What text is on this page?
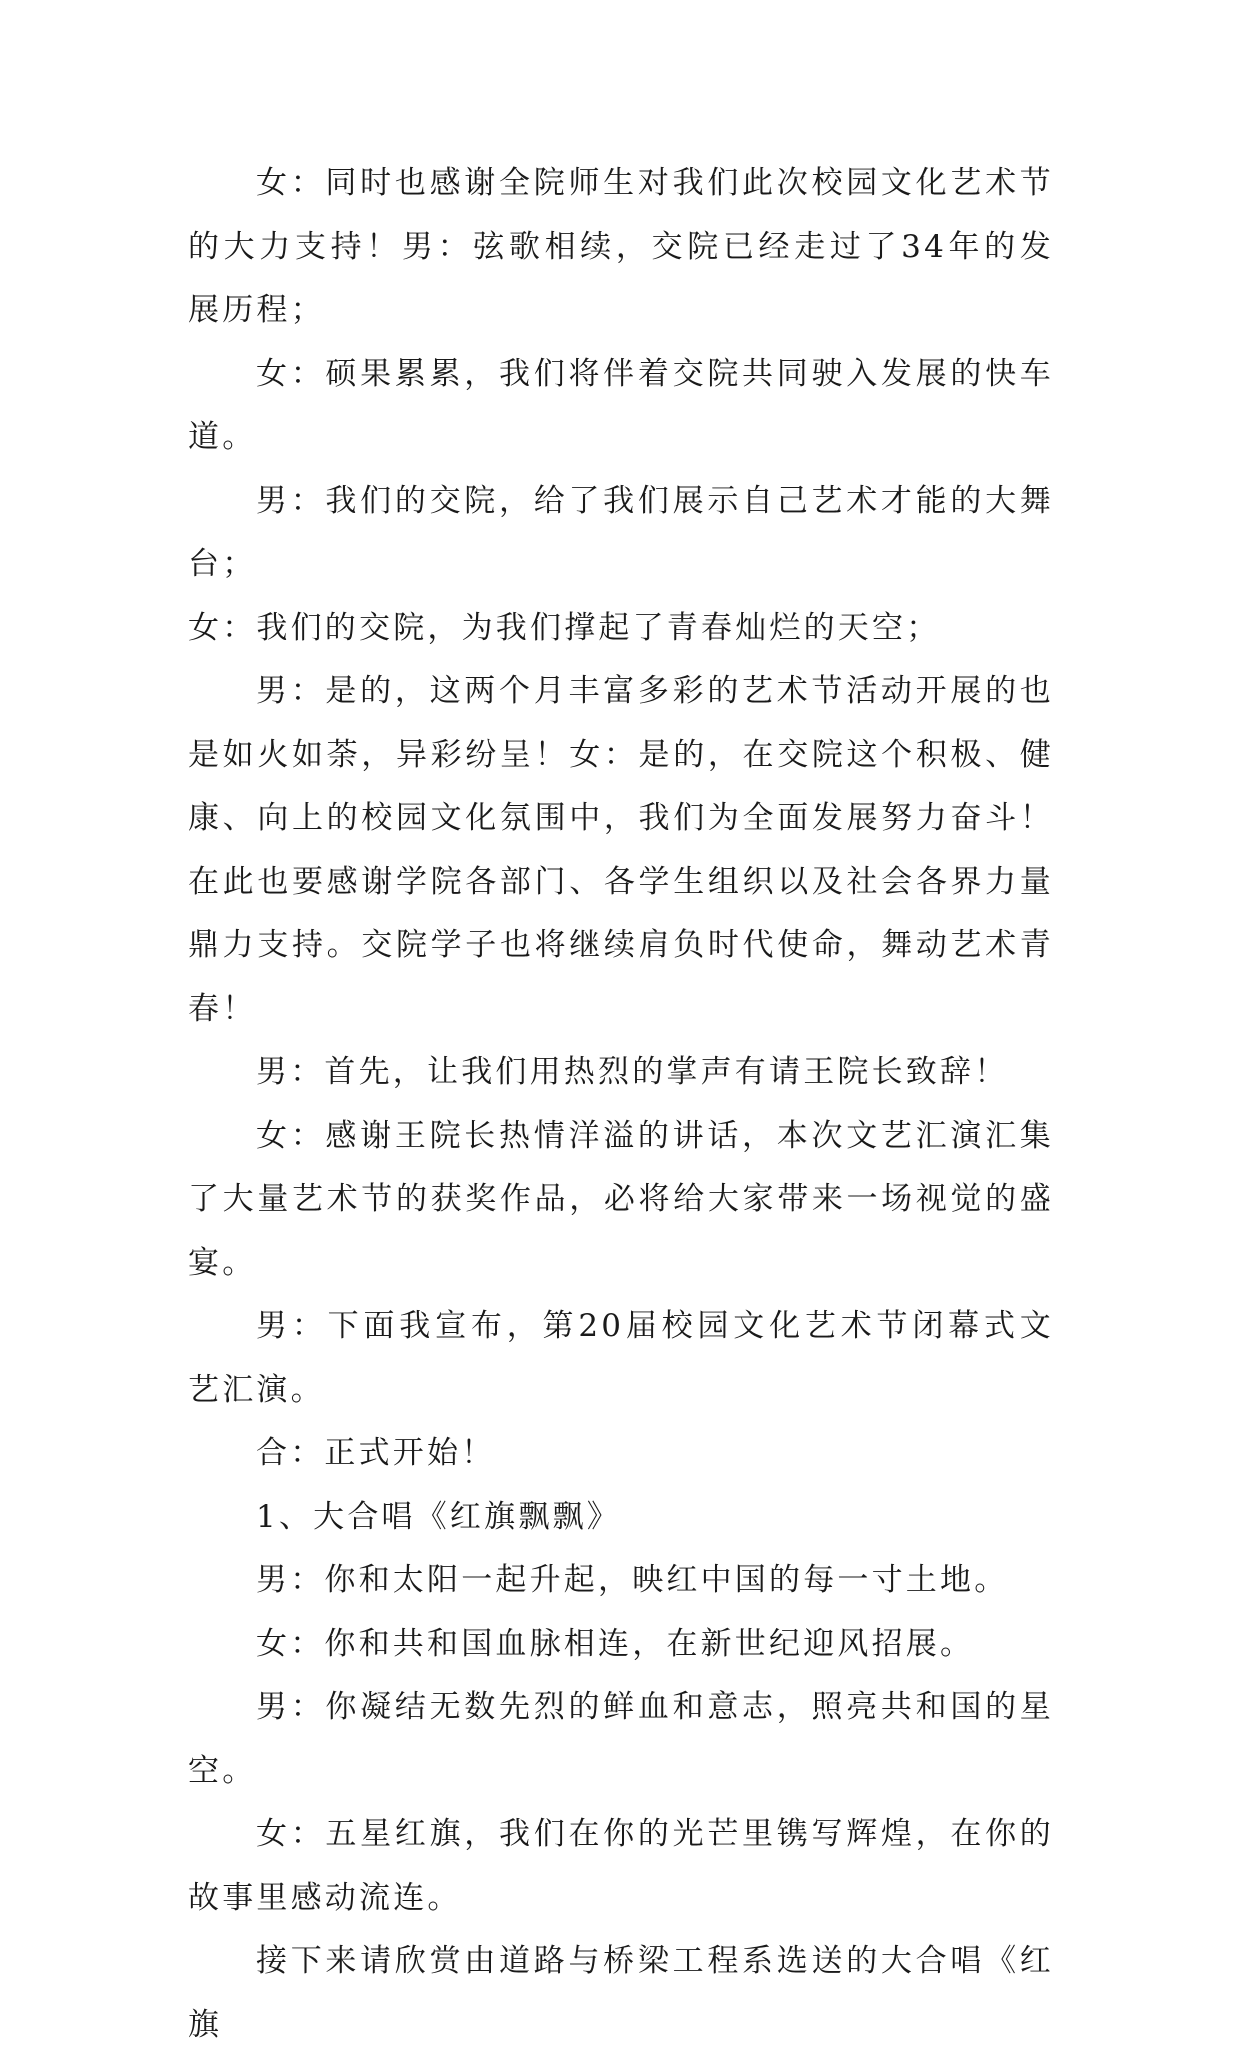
女：同时也感谢全院师生对我们此次校园文化艺术节的大力支持！男：弦歌相续，交院已经走过了34年的发展历程；

女：硕果累累，我们将伴着交院共同驶入发展的快车道。

男：我们的交院，给了我们展示自己艺术才能的大舞台；

女：我们的交院，为我们撑起了青春灿烂的天空；

男：是的，这两个月丰富多彩的艺术节活动开展的也是如火如荼，异彩纷呈！女：是的，在交院这个积极、健康、向上的校园文化氛围中，我们为全面发展努力奋斗！在此也要感谢学院各部门、各学生组织以及社会各界力量鼎力支持。交院学子也将继续肩负时代使命，舞动艺术青春！

男：首先，让我们用热烈的掌声有请王院长致辞！

女：感谢王院长热情洋溢的讲话，本次文艺汇演汇集了大量艺术节的获奖作品，必将给大家带来一场视觉的盛宴。

男：下面我宣布，第20届校园文化艺术节闭幕式文艺汇演。

合：正式开始！

1、大合唱《红旗飘飘》

男：你和太阳一起升起，映红中国的每一寸土地。

女：你和共和国血脉相连，在新世纪迎风招展。

男：你凝结无数先烈的鲜血和意志，照亮共和国的星空。

女：五星红旗，我们在你的光芒里镌写辉煌，在你的故事里感动流连。

接下来请欣赏由道路与桥梁工程系选送的大合唱《红旗
